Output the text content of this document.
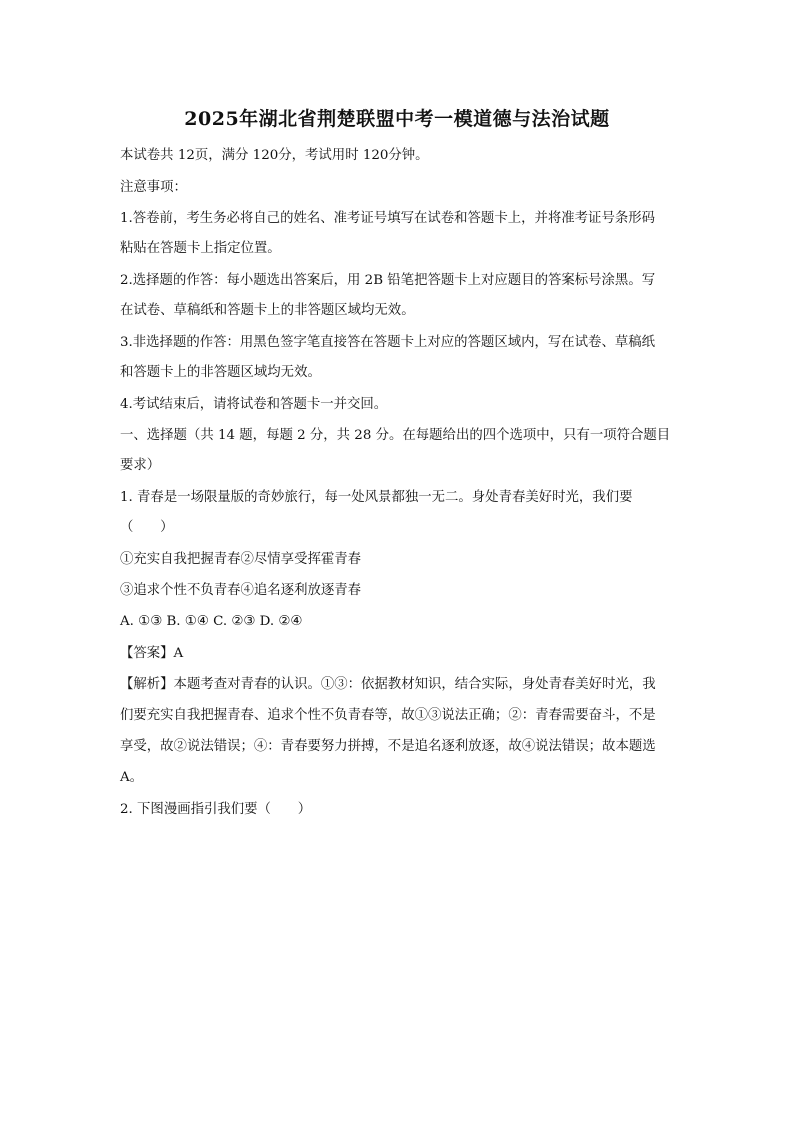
2025年湖北省荆楚联盟中考一模道德与法治试题
本试卷共 12页，满分 120分，考试用时 120分钟。
注意事项：
1.答卷前，考生务必将自己的姓名、准考证号填写在试卷和答题卡上，并将准考证号条形码
粘贴在答题卡上指定位置。
2.选择题的作答：每小题选出答案后，用 2B 铅笔把答题卡上对应题目的答案标号涂黑。写
在试卷、草稿纸和答题卡上的非答题区域均无效。
3.非选择题的作答：用黑色签字笔直接答在答题卡上对应的答题区域内，写在试卷、草稿纸
和答题卡上的非答题区域均无效。
4.考试结束后，请将试卷和答题卡一并交回。
一、选择题（共 14 题，每题 2 分，共 28 分。在每题给出的四个选项中，只有一项符合题目
要求）
1. 青春是一场限量版的奇妙旅行，每一处风景都独一无二。身处青春美好时光，我们要
（　　）
①充实自我把握青春②尽情享受挥霍青春
③追求个性不负青春④追名逐利放逐青春
A. ①③ B. ①④ C. ②③ D. ②④
【答案】A
【解析】本题考查对青春的认识。①③：依据教材知识，结合实际，身处青春美好时光，我
们要充实自我把握青春、追求个性不负青春等，故①③说法正确；②：青春需要奋斗，不是
享受，故②说法错误；④：青春要努力拼搏，不是追名逐利放逐，故④说法错误；故本题选
A。
2. 下图漫画指引我们要（　　）
